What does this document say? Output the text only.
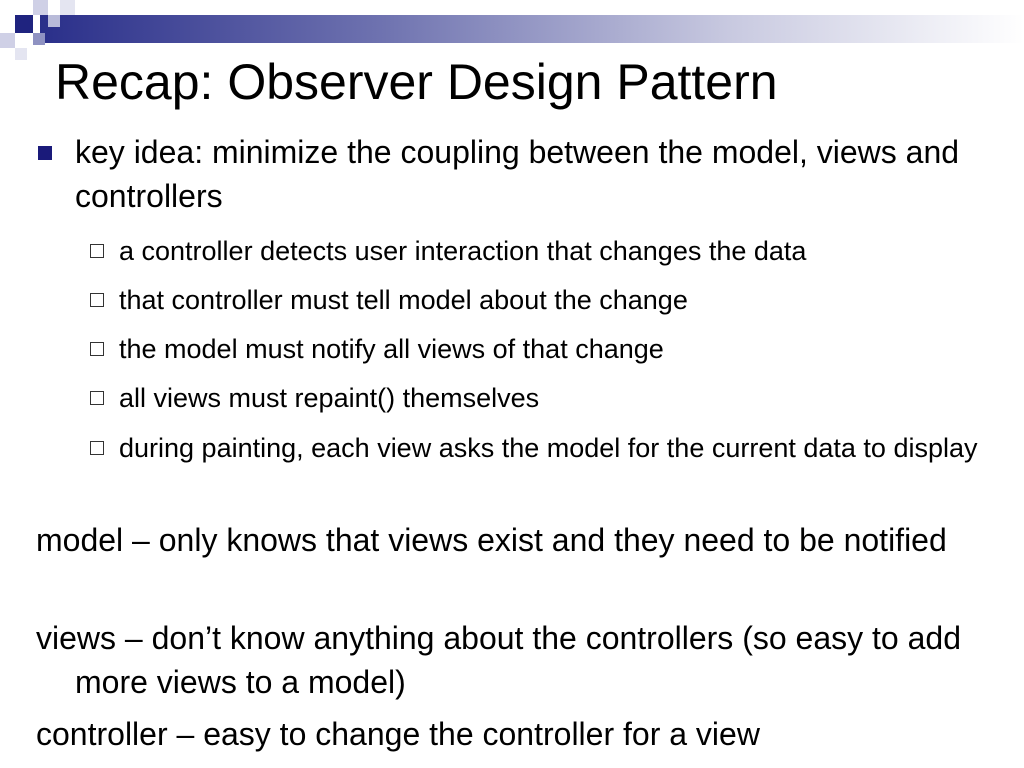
Recap: Observer Design Pattern
key idea: minimize the coupling between the model, views and controllers
a controller detects user interaction that changes the data
that controller must tell model about the change
the model must notify all views of that change
all views must repaint() themselves
during painting, each view asks the model for the current data to display
model – only knows that views exist and they need to be notified
views – don’t know anything about the controllers (so easy to add more views to a model)
controller – easy to change the controller for a view
